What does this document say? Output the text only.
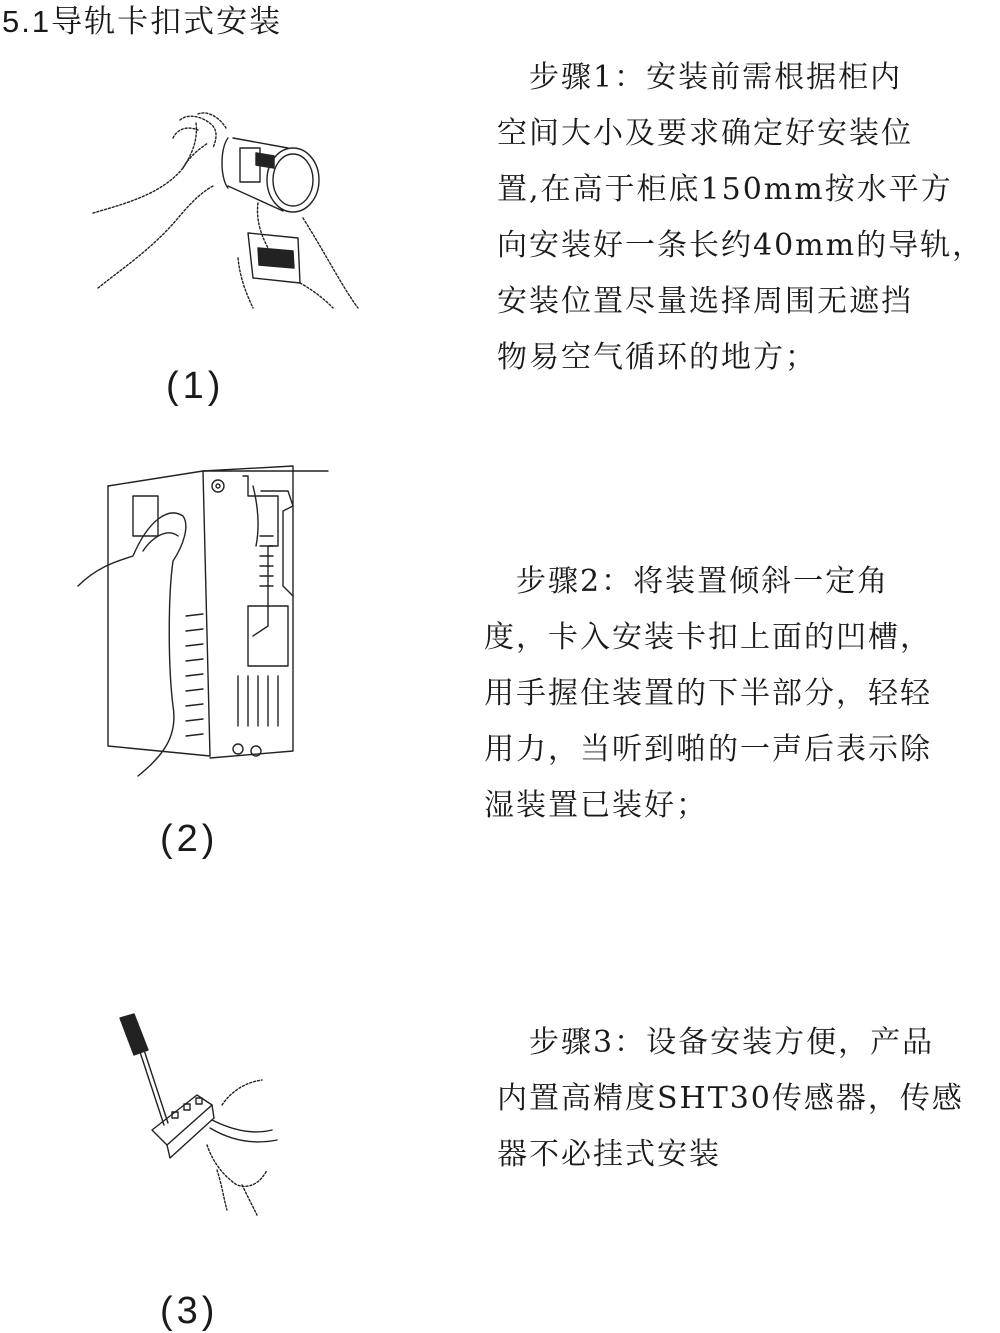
5.1导轨卡扣式安装
(1)
　步骤1：安装前需根据柜内
空间大小及要求确定好安装位
置,在高于柜底150mm按水平方
向安装好一条长约40mm的导轨，
安装位置尽量选择周围无遮挡
物易空气循环的地方；
(2)
　步骤2：将装置倾斜一定角
度，卡入安装卡扣上面的凹槽，
用手握住装置的下半部分，轻轻
用力，当听到啪的一声后表示除
湿装置已装好；
(3)
　步骤3：设备安装方便，产品
内置高精度SHT30传感器，传感
器不必挂式安装
